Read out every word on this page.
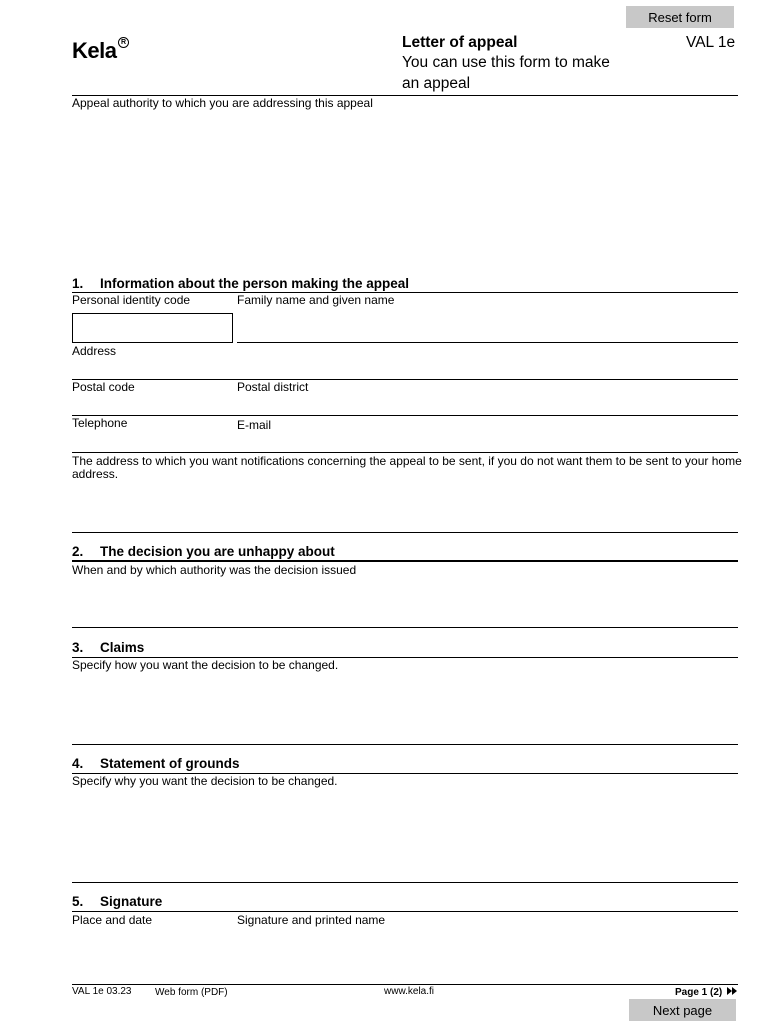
Reset form
Kela R	Letter of appeal
You can use this form to make
an appeal
VAL 1e
Appeal authority to which you are addressing this appeal
1. Information about the person making the appeal
Personal identity code	Family name and given name
Address
Postal code	Postal district
Telephone	E-mail
The address to which you want notifications concerning the appeal to be sent, if you do not want them to be sent to your home
address.
2. The decision you are unhappy about
When and by which authority was the decision issued
3. Claims
Specify how you want the decision to be changed.
4. Statement of grounds
Specify why you want the decision to be changed.
5. Signature
Place and date	Signature and printed name
VAL 1e 03.23 Web form (PDF)	www.kela.fi	Page 1 (2)
Next page
